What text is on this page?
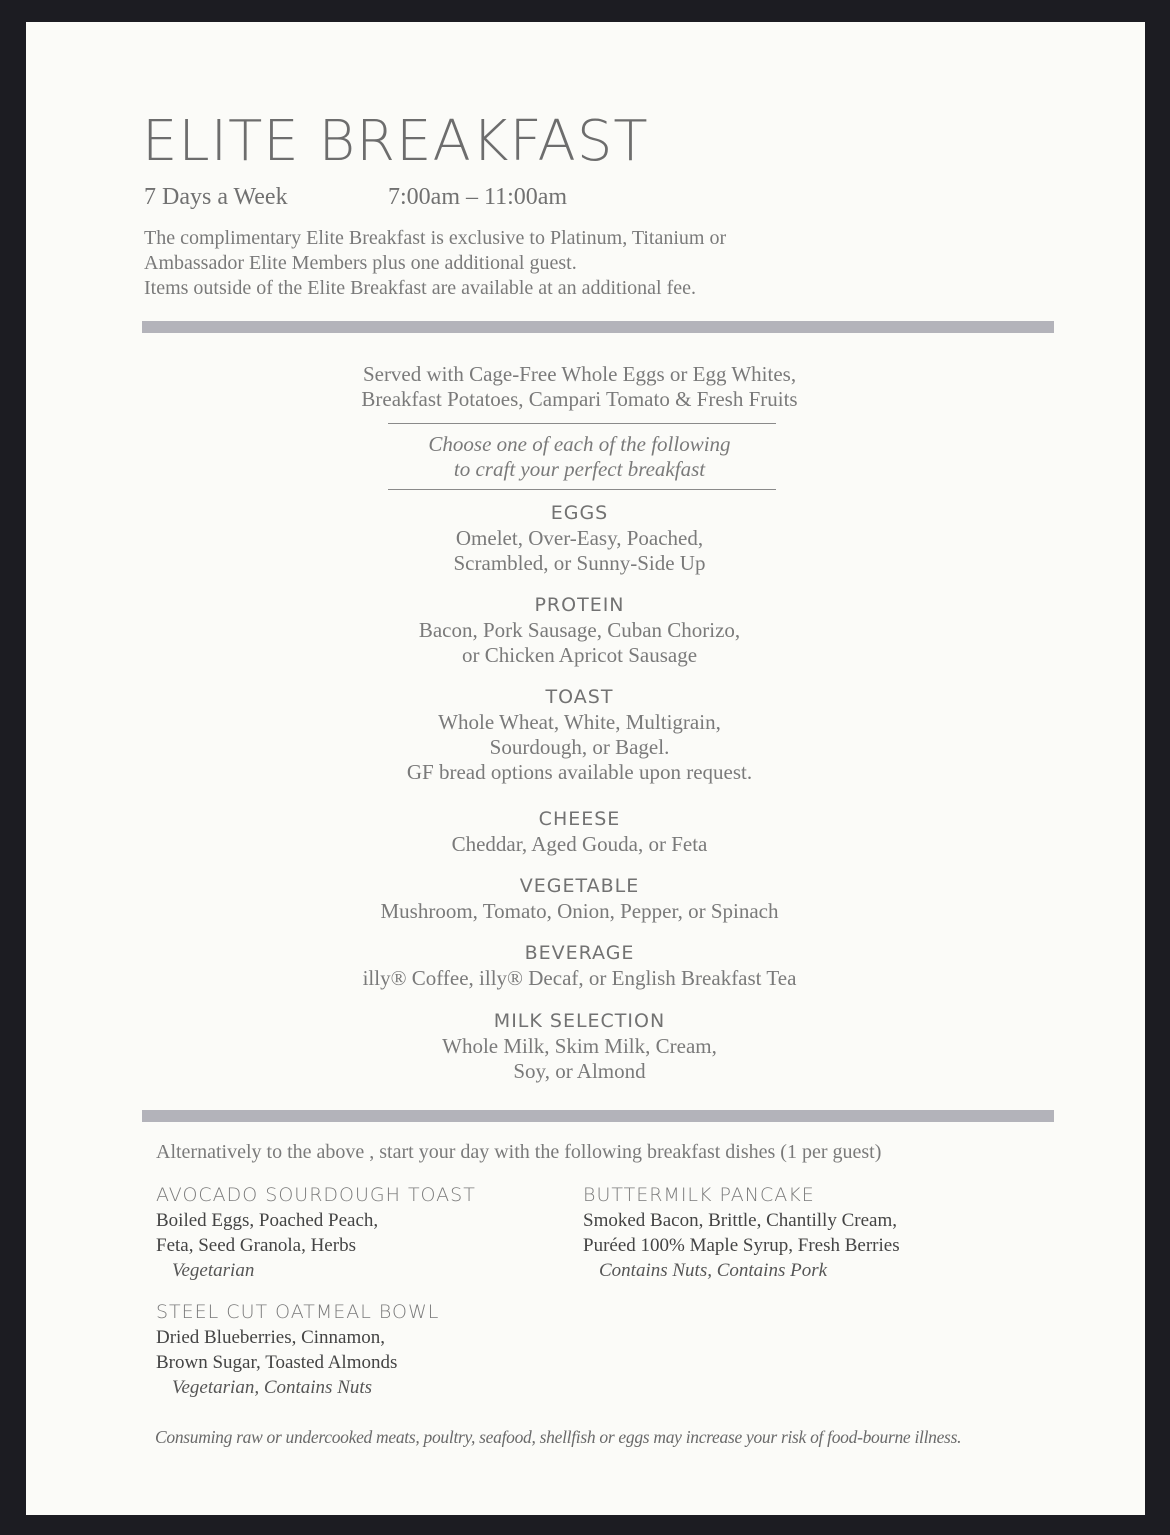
ELITE BREAKFAST
7 Days a Week	7:00am – 11:00am
The complimentary Elite Breakfast is exclusive to Platinum, Titanium or
Ambassador Elite Members plus one additional guest.
Items outside of the Elite Breakfast are available at an additional fee.
Served with Cage-Free Whole Eggs or Egg Whites,
Breakfast Potatoes, Campari Tomato & Fresh Fruits
Choose one of each of the following
to craft your perfect breakfast
EGGS
Omelet, Over-Easy, Poached,
Scrambled, or Sunny-Side Up
PROTEIN
Bacon, Pork Sausage, Cuban Chorizo,
or Chicken Apricot Sausage
TOAST
Whole Wheat, White, Multigrain,
Sourdough, or Bagel.
GF bread options available upon request.
CHEESE
Cheddar, Aged Gouda, or Feta
VEGETABLE
Mushroom, Tomato, Onion, Pepper, or Spinach
BEVERAGE
illy® Coffee, illy® Decaf, or English Breakfast Tea
MILK SELECTION
Whole Milk, Skim Milk, Cream,
Soy, or Almond
Alternatively to the above , start your day with the following breakfast dishes (1 per guest)
AVOCADO SOURDOUGH TOAST
Boiled Eggs, Poached Peach,
Feta, Seed Granola, Herbs
Vegetarian
BUTTERMILK PANCAKE
Smoked Bacon, Brittle, Chantilly Cream,
Puréed 100% Maple Syrup, Fresh Berries
Contains Nuts, Contains Pork
STEEL CUT OATMEAL BOWL
Dried Blueberries, Cinnamon,
Brown Sugar, Toasted Almonds
Vegetarian, Contains Nuts
Consuming raw or undercooked meats, poultry, seafood, shellfish or eggs may increase your risk of food-bourne illness.
